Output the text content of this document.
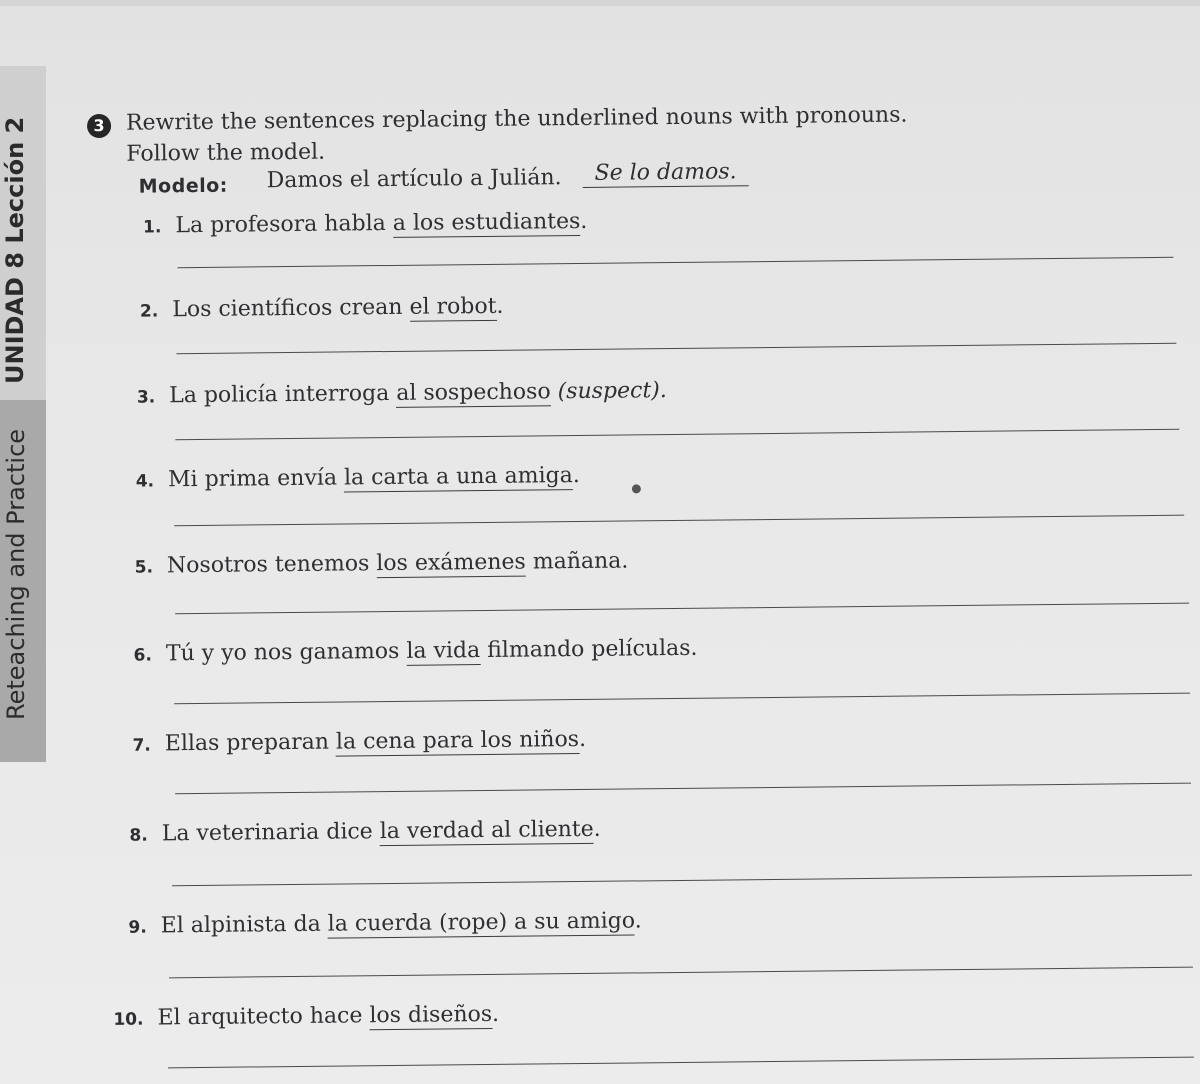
UNIDAD 8 Lección 2
Reteaching and Practice
3 Rewrite the sentences replacing the underlined nouns with pronouns. Follow the model.
Modelo: Damos el artículo a Julián.	Se lo damos.
1. La profesora habla a los estudiantes.
2. Los científicos crean el robot.
3. La policía interroga al sospechoso (suspect).
4. Mi prima envía la carta a una amiga.
5. Nosotros tenemos los exámenes mañana.
6. Tú y yo nos ganamos la vida filmando películas.
7. Ellas preparan la cena para los niños.
8. La veterinaria dice la verdad al cliente.
9. El alpinista da la cuerda (rope) a su amigo.
10. El arquitecto hace los diseños.
